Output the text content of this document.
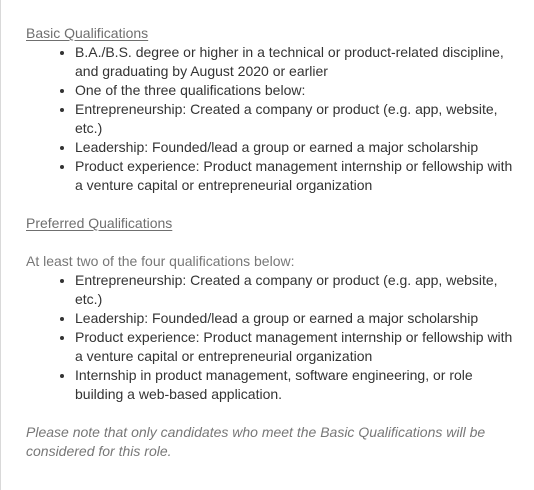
Basic Qualifications

• B.A./B.S. degree or higher in a technical or product-related discipline, and graduating by August 2020 or earlier
• One of the three qualifications below:
• Entrepreneurship: Created a company or product (e.g. app, website, etc.)
• Leadership: Founded/lead a group or earned a major scholarship
• Product experience: Product management internship or fellowship with a venture capital or entrepreneurial organization

Preferred Qualifications

At least two of the four qualifications below:

• Entrepreneurship: Created a company or product (e.g. app, website, etc.)
• Leadership: Founded/lead a group or earned a major scholarship
• Product experience: Product management internship or fellowship with a venture capital or entrepreneurial organization
• Internship in product management, software engineering, or role building a web-based application.

Please note that only candidates who meet the Basic Qualifications will be considered for this role.
